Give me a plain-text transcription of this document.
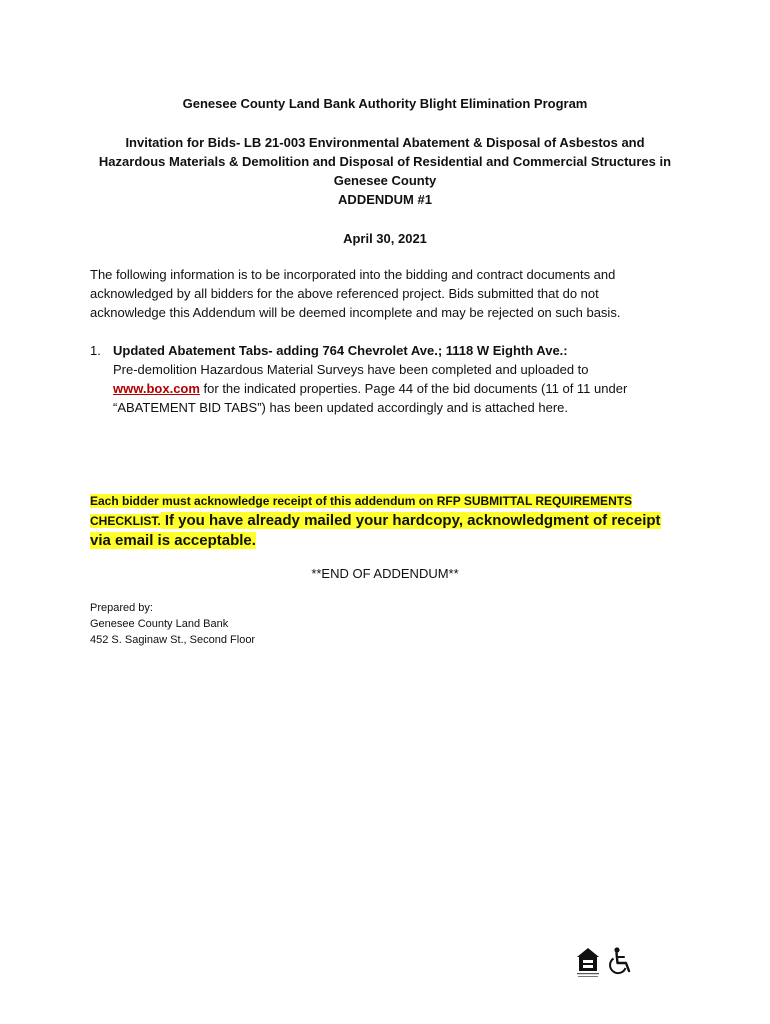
Genesee County Land Bank Authority Blight Elimination Program
Invitation for Bids- LB 21-003 Environmental Abatement & Disposal of Asbestos and
Hazardous Materials & Demolition and Disposal of Residential and Commercial Structures in
Genesee County
ADDENDUM #1
April 30, 2021
The following information is to be incorporated into the bidding and contract documents and
acknowledged by all bidders for the above referenced project. Bids submitted that do not
acknowledge this Addendum will be deemed incomplete and may be rejected on such basis.
1. Updated Abatement Tabs- adding 764 Chevrolet Ave.; 1118 W Eighth Ave.:
Pre-demolition Hazardous Material Surveys have been completed and uploaded to
www.box.com for the indicated properties. Page 44 of the bid documents (11 of 11 under
“ABATEMENT BID TABS”) has been updated accordingly and is attached here.
Each bidder must acknowledge receipt of this addendum on RFP SUBMITTAL REQUIREMENTS
CHECKLIST. If you have already mailed your hardcopy, acknowledgment of receipt
via email is acceptable.
**END OF ADDENDUM**
Prepared by:
Genesee County Land Bank
452 S. Saginaw St., Second Floor
